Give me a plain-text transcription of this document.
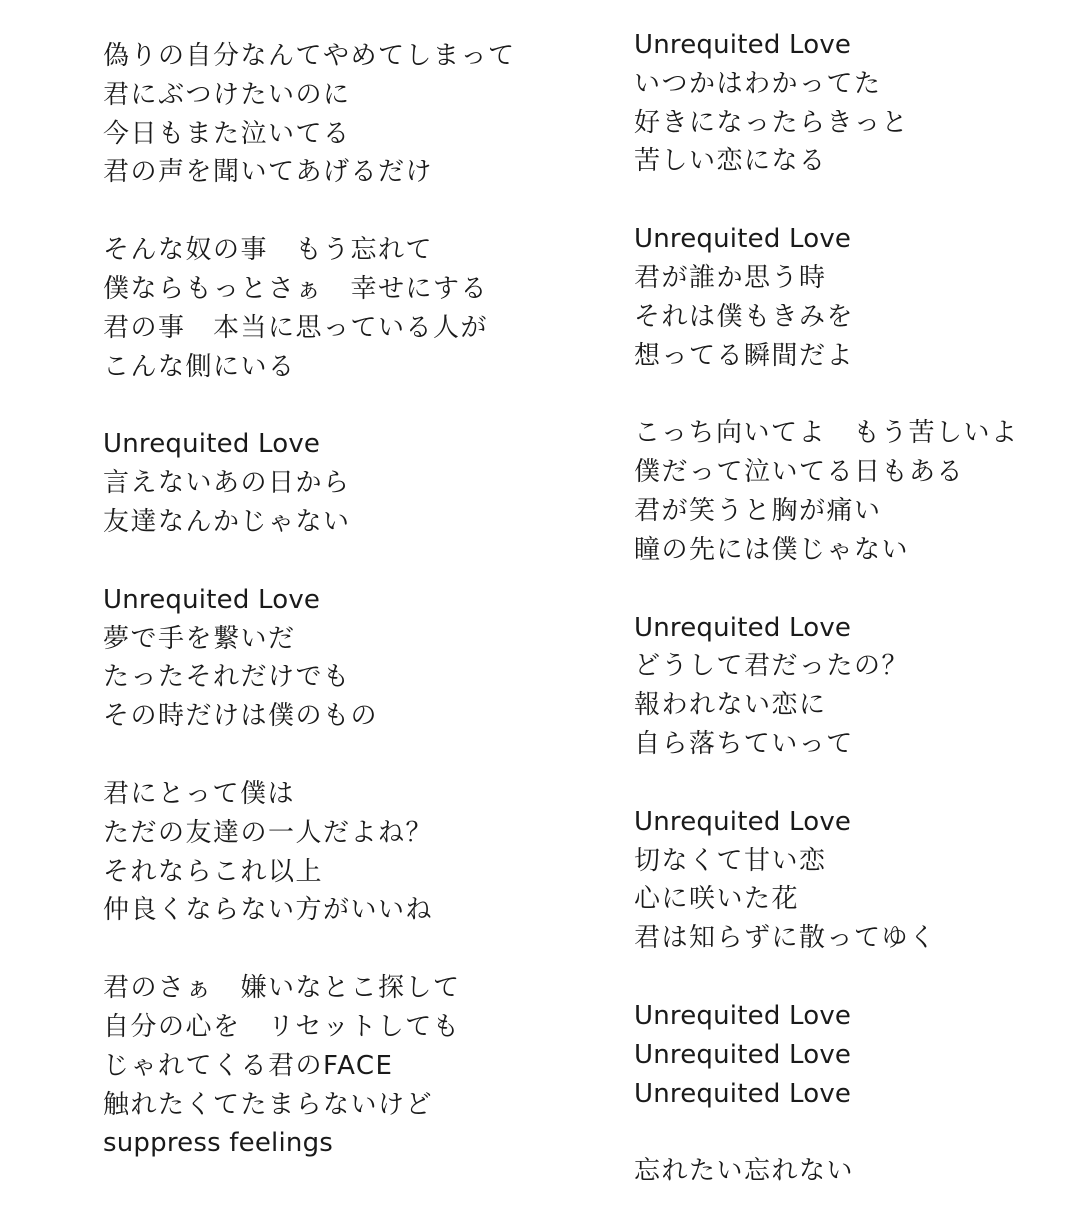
偽りの自分なんてやめてしまって
君にぶつけたいのに
今日もまた泣いてる
君の声を聞いてあげるだけ
そんな奴の事　もう忘れて
僕ならもっとさぁ　幸せにする
君の事　本当に思っている人が
こんな側にいる
Unrequited Love
言えないあの日から
友達なんかじゃない
Unrequited Love
夢で手を繋いだ
たったそれだけでも
その時だけは僕のもの
君にとって僕は
ただの友達の一人だよね？
それならこれ以上
仲良くならない方がいいね
君のさぁ　嫌いなとこ探して
自分の心を　リセットしても
じゃれてくる君のFACE
触れたくてたまらないけど
suppress feelings
Unrequited Love
いつかはわかってた
好きになったらきっと
苦しい恋になる
Unrequited Love
君が誰か思う時
それは僕もきみを
想ってる瞬間だよ
こっち向いてよ　もう苦しいよ
僕だって泣いてる日もある
君が笑うと胸が痛い
瞳の先には僕じゃない
Unrequited Love
どうして君だったの？
報われない恋に
自ら落ちていって
Unrequited Love
切なくて甘い恋
心に咲いた花
君は知らずに散ってゆく
Unrequited Love
Unrequited Love
Unrequited Love
忘れたい忘れない
